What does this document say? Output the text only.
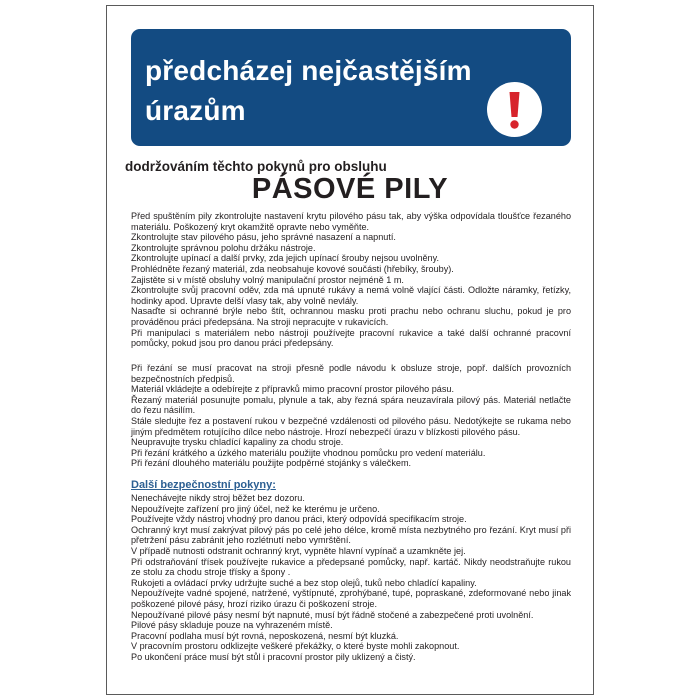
předcházej nejčastějším úrazům
dodržováním těchto pokynů pro obsluhu
PÁSOVÉ PILY

Před spuštěním pily zkontrolujte nastavení krytu pilového pásu tak, aby výška odpovídala tloušťce řezaného materiálu. Poškozený kryt okamžitě opravte nebo vyměňte.

Zkontrolujte stav pilového pásu, jeho správné nasazení a napnutí.

Zkontrolujte správnou polohu držáku nástroje.

Zkontrolujte upínací a další prvky, zda jejich upínací šrouby nejsou uvolněny.

Prohlédněte řezaný materiál, zda neobsahuje kovové součásti (hřebíky, šrouby).

Zajistěte si v místě obsluhy volný manipulační prostor nejméně 1 m.

Zkontrolujte svůj pracovní oděv, zda má upnuté rukávy a nemá volně vlající části. Odložte náramky, řetízky, hodinky apod. Upravte delší vlasy tak, aby volně nevlály.

Nasaďte si ochranné brýle nebo štít, ochrannou masku proti prachu nebo ochranu sluchu, pokud je pro prováděnou práci předepsána. Na stroji nepracujte v rukavicích.

Při manipulaci s materiálem nebo nástroji používejte pracovní rukavice a také další ochranné pracovní pomůcky, pokud jsou pro danou práci předepsány.

Při řezání se musí pracovat na stroji přesně podle návodu k obsluze stroje, popř. dalších provozních bezpečnostních předpisů.

Materiál vkládejte a odebírejte z přípravků mimo pracovní prostor pilového pásu.

Řezaný materiál posunujte pomalu, plynule a tak, aby řezná spára neuzavírala pilový pás. Materiál netlačte do řezu násilím.

Stále sledujte řez a postavení rukou v bezpečné vzdálenosti od pilového pásu. Nedotýkejte se rukama nebo jiným předmětem rotujícího dílce nebo nástroje. Hrozí nebezpečí úrazu v blízkosti pilového pásu.

Neupravujte trysku chladící kapaliny za chodu stroje.

Při řezání krátkého a úzkého materiálu použijte vhodnou pomůcku pro vedení materiálu.

Při řezání dlouhého materiálu použijte podpěrné stojánky s válečkem.

Další bezpečnostní pokyny:

Nenechávejte nikdy stroj běžet bez dozoru.

Nepoužívejte zařízení pro jiný účel, než ke kterému je určeno.

Používejte vždy nástroj vhodný pro danou práci, který odpovídá specifikacím stroje.

Ochranný kryt musí zakrývat pilový pás po celé jeho délce, kromě místa nezbytného pro řezání. Kryt musí při přetržení pásu zabránit jeho rozlétnutí nebo vymrštění.

V případě nutnosti odstranit ochranný kryt, vypněte hlavní vypínač a uzamkněte jej.

Při odstraňování třísek používejte rukavice a předepsané pomůcky, např. kartáč. Nikdy neodstraňujte rukou ze stolu za chodu stroje třísky a špony .

Rukojeti a ovládací prvky udržujte suché a bez stop olejů, tuků nebo chladící kapaliny.

Nepoužívejte vadné spojené, natržené, vyštípnuté, zprohýbané, tupé, popraskané, zdeformované nebo jinak poškozené pilové pásy, hrozí riziko úrazu či poškození stroje.

Nepoužívané pilové pásy nesmí být napnuté, musí být řádně stočené a zabezpečené proti uvolnění.

Pilové pásy skladuje pouze na vyhrazeném místě.

Pracovní podlaha musí být rovná, neposkozená, nesmí být kluzká.

V pracovním prostoru odklizejte veškeré překážky, o které byste mohli zakopnout.

Po ukončení práce musí být stůl i pracovní prostor pily uklizený a čistý.
